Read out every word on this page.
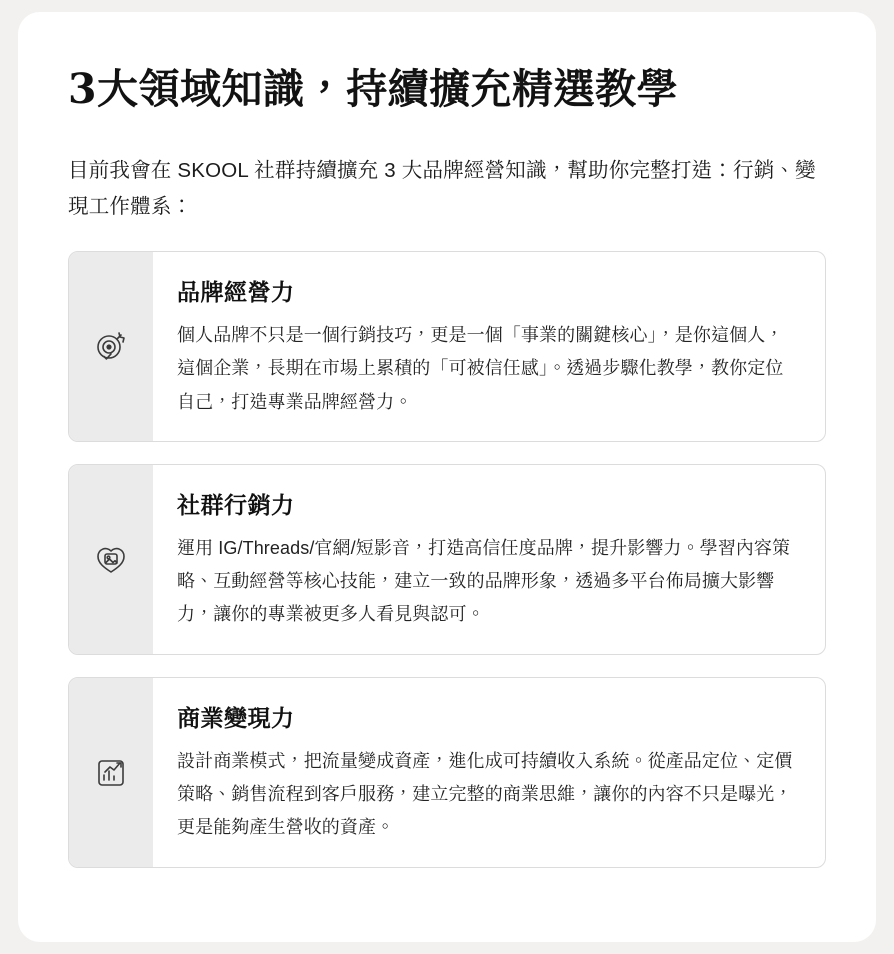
3大領域知識，持續擴充精選教學

目前我會在 SKOOL 社群持續擴充 3 大品牌經營知識，幫助你完整打造：行銷、變現工作體系：

品牌經營力

個人品牌不只是一個行銷技巧，更是一個「事業的關鍵核心」，是你這個人，這個企業，長期在市場上累積的「可被信任感」。透過步驟化教學，教你定位自己，打造專業品牌經營力。

社群行銷力

運用 IG/Threads/官網/短影音，打造高信任度品牌，提升影響力。學習內容策略、互動經營等核心技能，建立一致的品牌形象，透過多平台佈局擴大影響力，讓你的專業被更多人看見與認可。

商業變現力

設計商業模式，把流量變成資產，進化成可持續收入系統。從產品定位、定價策略、銷售流程到客戶服務，建立完整的商業思維，讓你的內容不只是曝光，更是能夠產生營收的資產。
